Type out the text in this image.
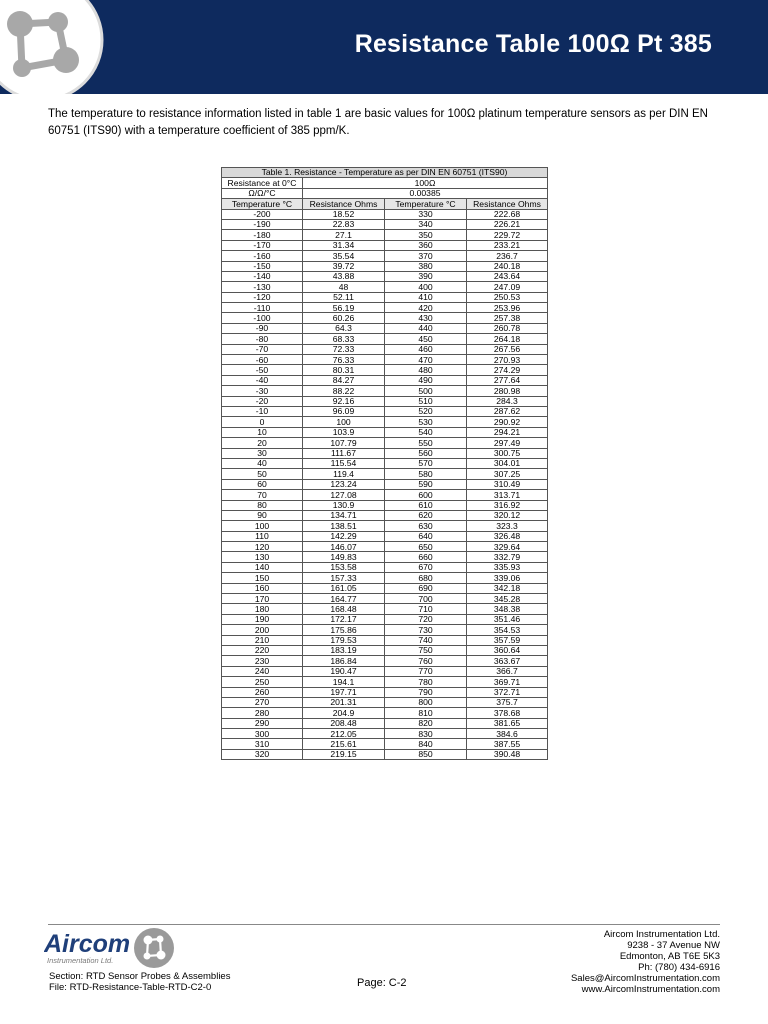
Resistance Table 100Ω Pt 385
The temperature to resistance information listed in table 1 are basic values for 100Ω platinum temperature sensors as per DIN EN 60751 (ITS90) with a temperature coefficient of 385 ppm/K.
Table 1. Resistance - Temperature as per DIN EN 60751 (ITS90)			
Resistance at 0°C	100Ω		
Ω/Ω/°C	0.00385		
Temperature °C	Resistance Ohms	Temperature °C	Resistance Ohms
-200	18.52	330	222.68
-190	22.83	340	226.21
-180	27.1	350	229.72
-170	31.34	360	233.21
-160	35.54	370	236.7
-150	39.72	380	240.18
-140	43.88	390	243.64
-130	48	400	247.09
-120	52.11	410	250.53
-110	56.19	420	253.96
-100	60.26	430	257.38
-90	64.3	440	260.78
-80	68.33	450	264.18
-70	72.33	460	267.56
-60	76.33	470	270.93
-50	80.31	480	274.29
-40	84.27	490	277.64
-30	88.22	500	280.98
-20	92.16	510	284.3
-10	96.09	520	287.62
0	100	530	290.92
10	103.9	540	294.21
20	107.79	550	297.49
30	111.67	560	300.75
40	115.54	570	304.01
50	119.4	580	307.25
60	123.24	590	310.49
70	127.08	600	313.71
80	130.9	610	316.92
90	134.71	620	320.12
100	138.51	630	323.3
110	142.29	640	326.48
120	146.07	650	329.64
130	149.83	660	332.79
140	153.58	670	335.93
150	157.33	680	339.06
160	161.05	690	342.18
170	164.77	700	345.28
180	168.48	710	348.38
190	172.17	720	351.46
200	175.86	730	354.53
210	179.53	740	357.59
220	183.19	750	360.64
230	186.84	760	363.67
240	190.47	770	366.7
250	194.1	780	369.71
260	197.71	790	372.71
270	201.31	800	375.7
280	204.9	810	378.68
290	208.48	820	381.65
300	212.05	830	384.6
310	215.61	840	387.55
320	219.15	850	390.48
Aircom
Instrumentation Ltd.
Section: RTD Sensor Probes & Assemblies
File: RTD-Resistance-Table-RTD-C2-0	Page: C-2
Aircom Instrumentation Ltd.
9238 - 37 Avenue NW
Edmonton, AB T6E 5K3
Ph: (780) 434-6916
Sales@AircomInstrumentation.com
www.AircomInstrumentation.com
